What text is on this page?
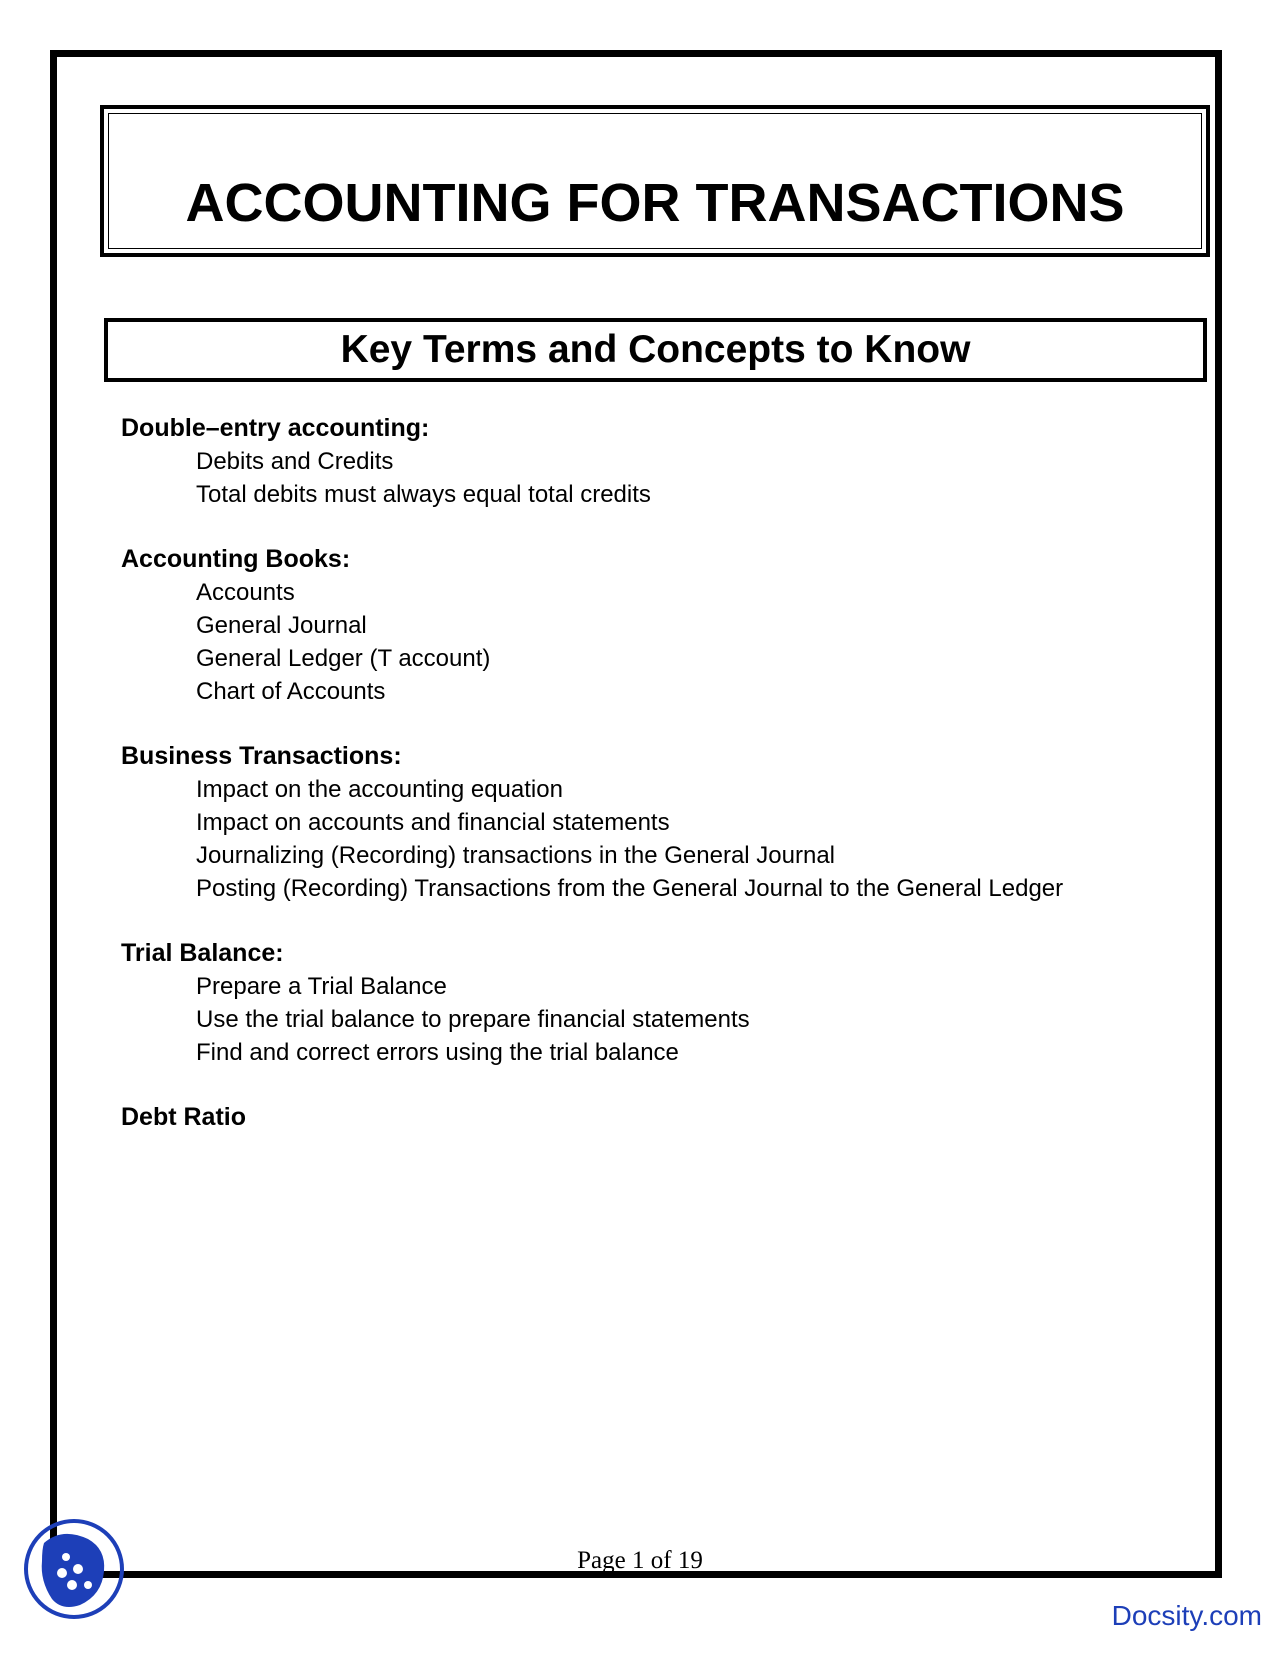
ACCOUNTING FOR TRANSACTIONS
Key Terms and Concepts to Know

Double–entry accounting:

Debits and Credits
Total debits must always equal total credits

Accounting Books:

Accounts
General Journal
General Ledger (T account)
Chart of Accounts

Business Transactions:

Impact on the accounting equation
Impact on accounts and financial statements
Journalizing (Recording) transactions in the General Journal
Posting (Recording) Transactions from the General Journal to the General Ledger

Trial Balance:

Prepare a Trial Balance
Use the trial balance to prepare financial statements
Find and correct errors using the trial balance

Debt Ratio

Page 1 of 19
Docsity.com
